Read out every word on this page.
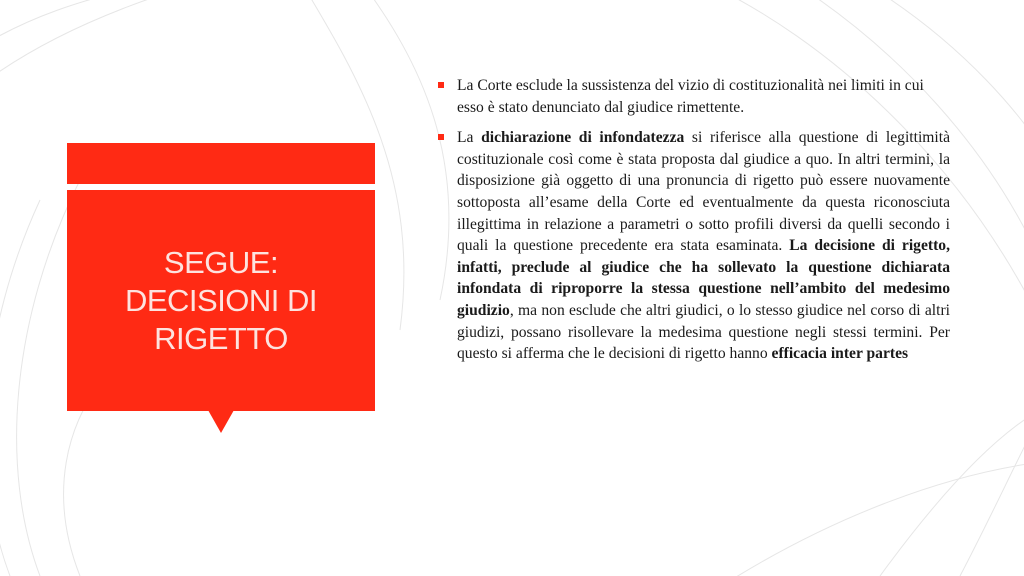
SEGUE:
DECISIONI DI
RIGETTO
La Corte esclude la sussistenza del vizio di costituzionalità nei limiti in cui esso è stato denunciato dal giudice rimettente.
La dichiarazione di infondatezza si riferisce alla questione di legittimità costituzionale così come è stata proposta dal giudice a quo. In altri termini, la disposizione già oggetto di una pronuncia di rigetto può essere nuovamente sottoposta all’esame della Corte ed eventualmente da questa riconosciuta illegittima in relazione a parametri o sotto profili diversi da quelli secondo i quali la questione precedente era stata esaminata. La decisione di rigetto, infatti, preclude al giudice che ha sollevato la questione dichiarata infondata di riproporre la stessa questione nell’ambito del medesimo giudizio, ma non esclude che altri giudici, o lo stesso giudice nel corso di altri giudizi, possano risollevare la medesima questione negli stessi termini. Per questo si afferma che le decisioni di rigetto hanno efficacia inter partes
